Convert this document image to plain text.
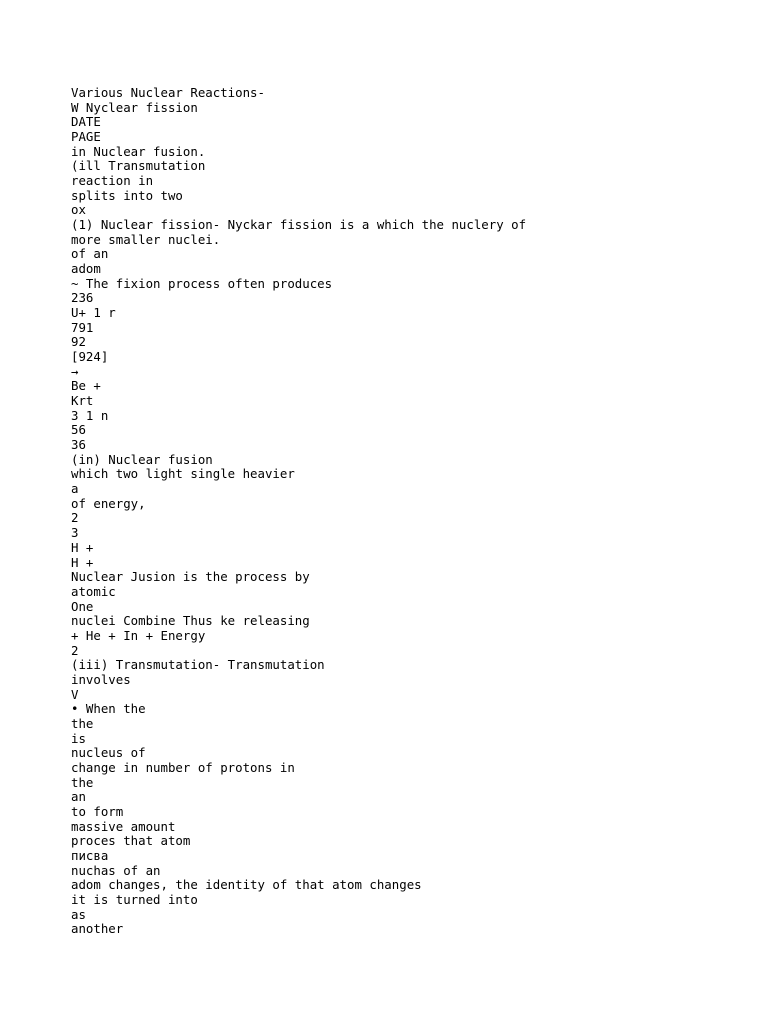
Various Nuclear Reactions-
W Nyclear fission
DATE
PAGE
in Nuclear fusion.
(ill Transmutation
reaction in
splits into two
ox
(1) Nuclear fission- Nyckar fission is a which the nuclery of
more smaller nuclei.
of an
adom
~ The fixion process often produces
236
U+ 1 r
791
92
[924]
→
Be +
Krt
3 1 n
56
36
(in) Nuclear fusion
which two light single heavier
a
of energy,
2
3
H +
H +
Nuclear Jusion is the process by
atomic
One
nuclei Combine Thus ke releasing
+ He + In + Energy
2
(iii) Transmutation- Transmutation
involves
V
• When the
the
is
nucleus of
change in number of protons in
the
an
to form
massive amount
proces that atom
писва
nuchas of an
adom changes, the identity of that atom changes
it is turned into
as
another
